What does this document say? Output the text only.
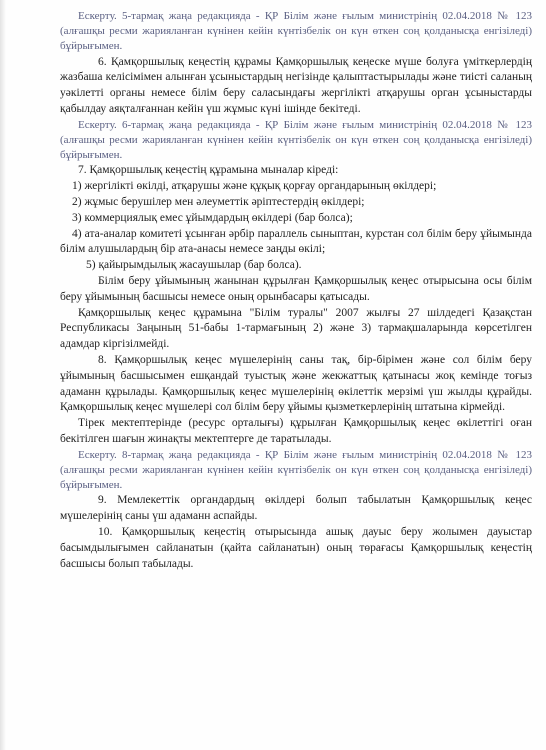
Ескерту. 5-тармақ жаңа редакцияда - ҚР Білім және ғылым министрінің 02.04.2018 № 123 (алғашқы ресми жарияланған күнінен кейін күнтізбелік он күн өткен соң қолданысқа енгізіледі) бұйрығымен.

6. Қамқоршылық кеңестің құрамы Қамқоршылық кеңеске мүше болуға үміткерлердің жазбаша келісімімен алынған ұсыныстардың негізінде қалыптастырылады және тиісті саланың уәкілетті органы немесе білім беру саласындағы жергілікті атқарушы орган ұсыныстарды қабылдау аяқталғаннан кейін үш жұмыс күні ішінде бекітеді.

Ескерту. 6-тармақ жаңа редакцияда - ҚР Білім және ғылым министрінің 02.04.2018 № 123 (алғашқы ресми жарияланған күнінен кейін күнтізбелік он күн өткен соң қолданысқа енгізіледі) бұйрығымен.

7. Қамқоршылық кеңестің құрамына мыналар кіреді:

1) жергілікті өкілді, атқарушы және құқық қорғау органдарының өкілдері;

2) жұмыс берушілер мен әлеуметтік әріптестердің өкілдері;

3) коммерциялық емес ұйымдардың өкілдері (бар болса);

4) ата-аналар комитеті ұсынған әрбір параллель сыныптан, курстан сол білім беру ұйымында білім алушылардың бір ата-анасы немесе заңды өкілі;

5) қайырымдылық жасаушылар (бар болса).

Білім беру ұйымының жанынан құрылған Қамқоршылық кеңес отырысына осы білім беру ұйымының басшысы немесе оның орынбасары қатысады.

Қамқоршылық кеңес құрамына "Білім туралы" 2007 жылғы 27 шілдедегі Қазақстан Республикасы Заңының 51-бабы 1-тармағының 2) және 3) тармақшаларында көрсетілген адамдар кіргізілмейді.

8. Қамқоршылық кеңес мүшелерінің саны тақ, бір-бірімен және сол білім беру ұйымының басшысымен ешқандай туыстық және жекжаттық қатынасы жоқ кемінде тоғыз адаманн құрылады. Қамқоршылық кеңес мүшелерінің өкілеттік мерзімі үш жылды құрайды. Қамқоршылық кеңес мүшелері сол білім беру ұйымы қызметкерлерінің штатына кірмейді.

Тірек мектептерінде (ресурс орталығы) құрылған Қамқоршылық кеңес өкілеттігі оған бекітілген шағын жинақты мектептерге де таратылады.

Ескерту. 8-тармақ жаңа редакцияда - ҚР Білім және ғылым министрінің 02.04.2018 № 123 (алғашқы ресми жарияланған күнінен кейін күнтізбелік он күн өткен соң қолданысқа енгізіледі) бұйрығымен.

9. Мемлекеттік органдардың өкілдері болып табылатын Қамқоршылық кеңес мүшелерінің саны үш адаманн аспайды.

10. Қамқоршылық кеңестің отырысында ашық дауыс беру жолымен дауыстар басымдылығымен сайланатын (қайта сайланатын) оның төрағасы Қамқоршылық кеңестің басшысы болып табылады.
